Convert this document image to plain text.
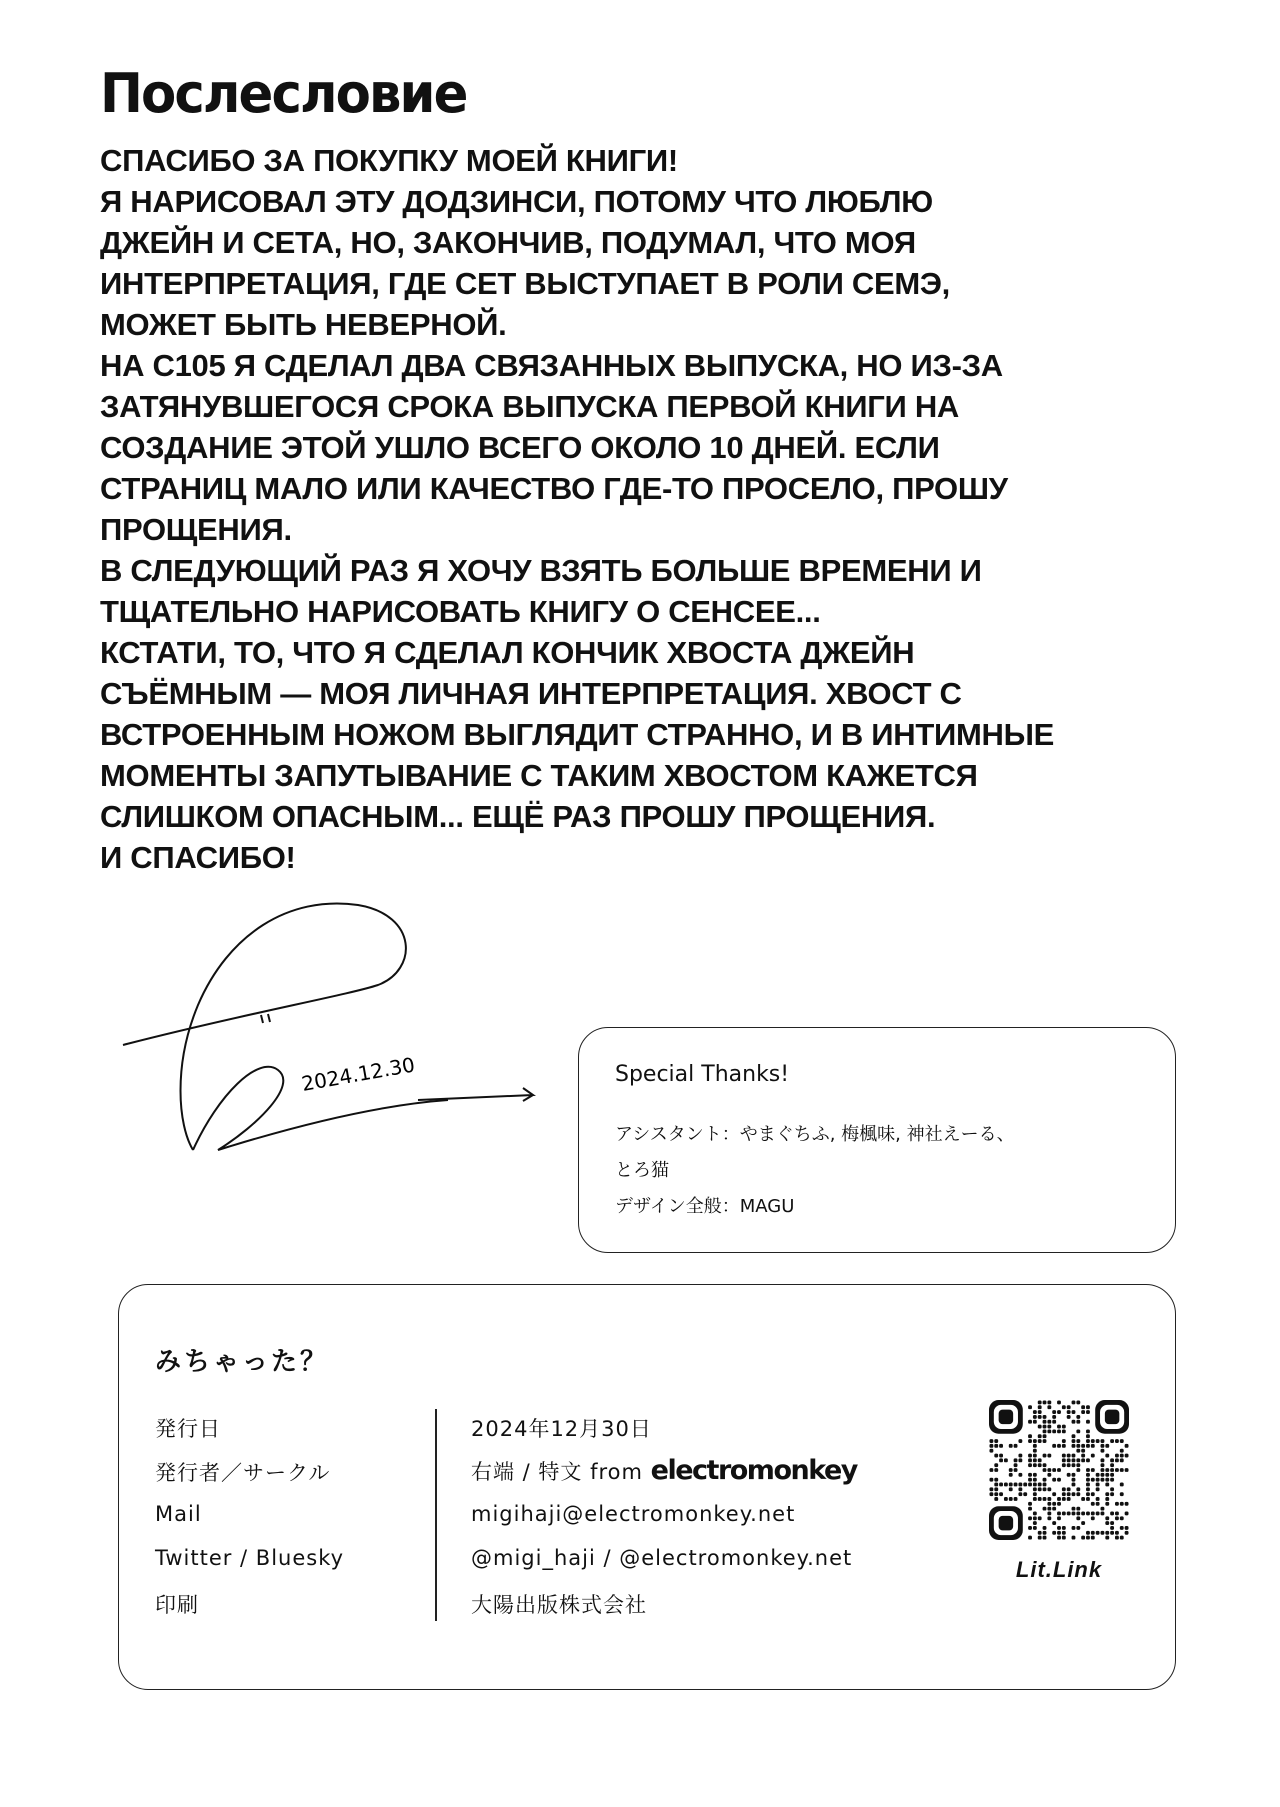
Послесловие
СПАСИБО ЗА ПОКУПКУ МОЕЙ КНИГИ!
Я НАРИСОВАЛ ЭТУ ДОДЗИНСИ, ПОТОМУ ЧТО ЛЮБЛЮ
ДЖЕЙН И СЕТА, НО, ЗАКОНЧИВ, ПОДУМАЛ, ЧТО МОЯ
ИНТЕРПРЕТАЦИЯ, ГДЕ СЕТ ВЫСТУПАЕТ В РОЛИ СЕМЭ,
МОЖЕТ БЫТЬ НЕВЕРНОЙ.
НА C105 Я СДЕЛАЛ ДВА СВЯЗАННЫХ ВЫПУСКА, НО ИЗ-ЗА
ЗАТЯНУВШЕГОСЯ СРОКА ВЫПУСКА ПЕРВОЙ КНИГИ НА
СОЗДАНИЕ ЭТОЙ УШЛО ВСЕГО ОКОЛО 10 ДНЕЙ. ЕСЛИ
СТРАНИЦ МАЛО ИЛИ КАЧЕСТВО ГДЕ-ТО ПРОСЕЛО, ПРОШУ
ПРОЩЕНИЯ.
В СЛЕДУЮЩИЙ РАЗ Я ХОЧУ ВЗЯТЬ БОЛЬШЕ ВРЕМЕНИ И
ТЩАТЕЛЬНО НАРИСОВАТЬ КНИГУ О СЕНСЕЕ...
КСТАТИ, ТО, ЧТО Я СДЕЛАЛ КОНЧИК ХВОСТА ДЖЕЙН
СЪЁМНЫМ — МОЯ ЛИЧНАЯ ИНТЕРПРЕТАЦИЯ. ХВОСТ С
ВСТРОЕННЫМ НОЖОМ ВЫГЛЯДИТ СТРАННО, И В ИНТИМНЫЕ
МОМЕНТЫ ЗАПУТЫВАНИЕ С ТАКИМ ХВОСТОМ КАЖЕТСЯ
СЛИШКОМ ОПАСНЫМ... ЕЩЁ РАЗ ПРОШУ ПРОЩЕНИЯ.
И СПАСИБО!
2024.12.30	Special Thanks!
アシスタント：やまぐちふ, 梅楓味, 神社えーる、
とろ猫
デザイン全般：MAGU
みちゃった？
発行日
発行者／サークル
Mail
Twitter / Bluesky
印刷
2024年12月30日
右端 / 特文 from electromonkey
migihaji@electromonkey.net
@migi_haji / @electromonkey.net
大陽出版株式会社
Lit.Link
